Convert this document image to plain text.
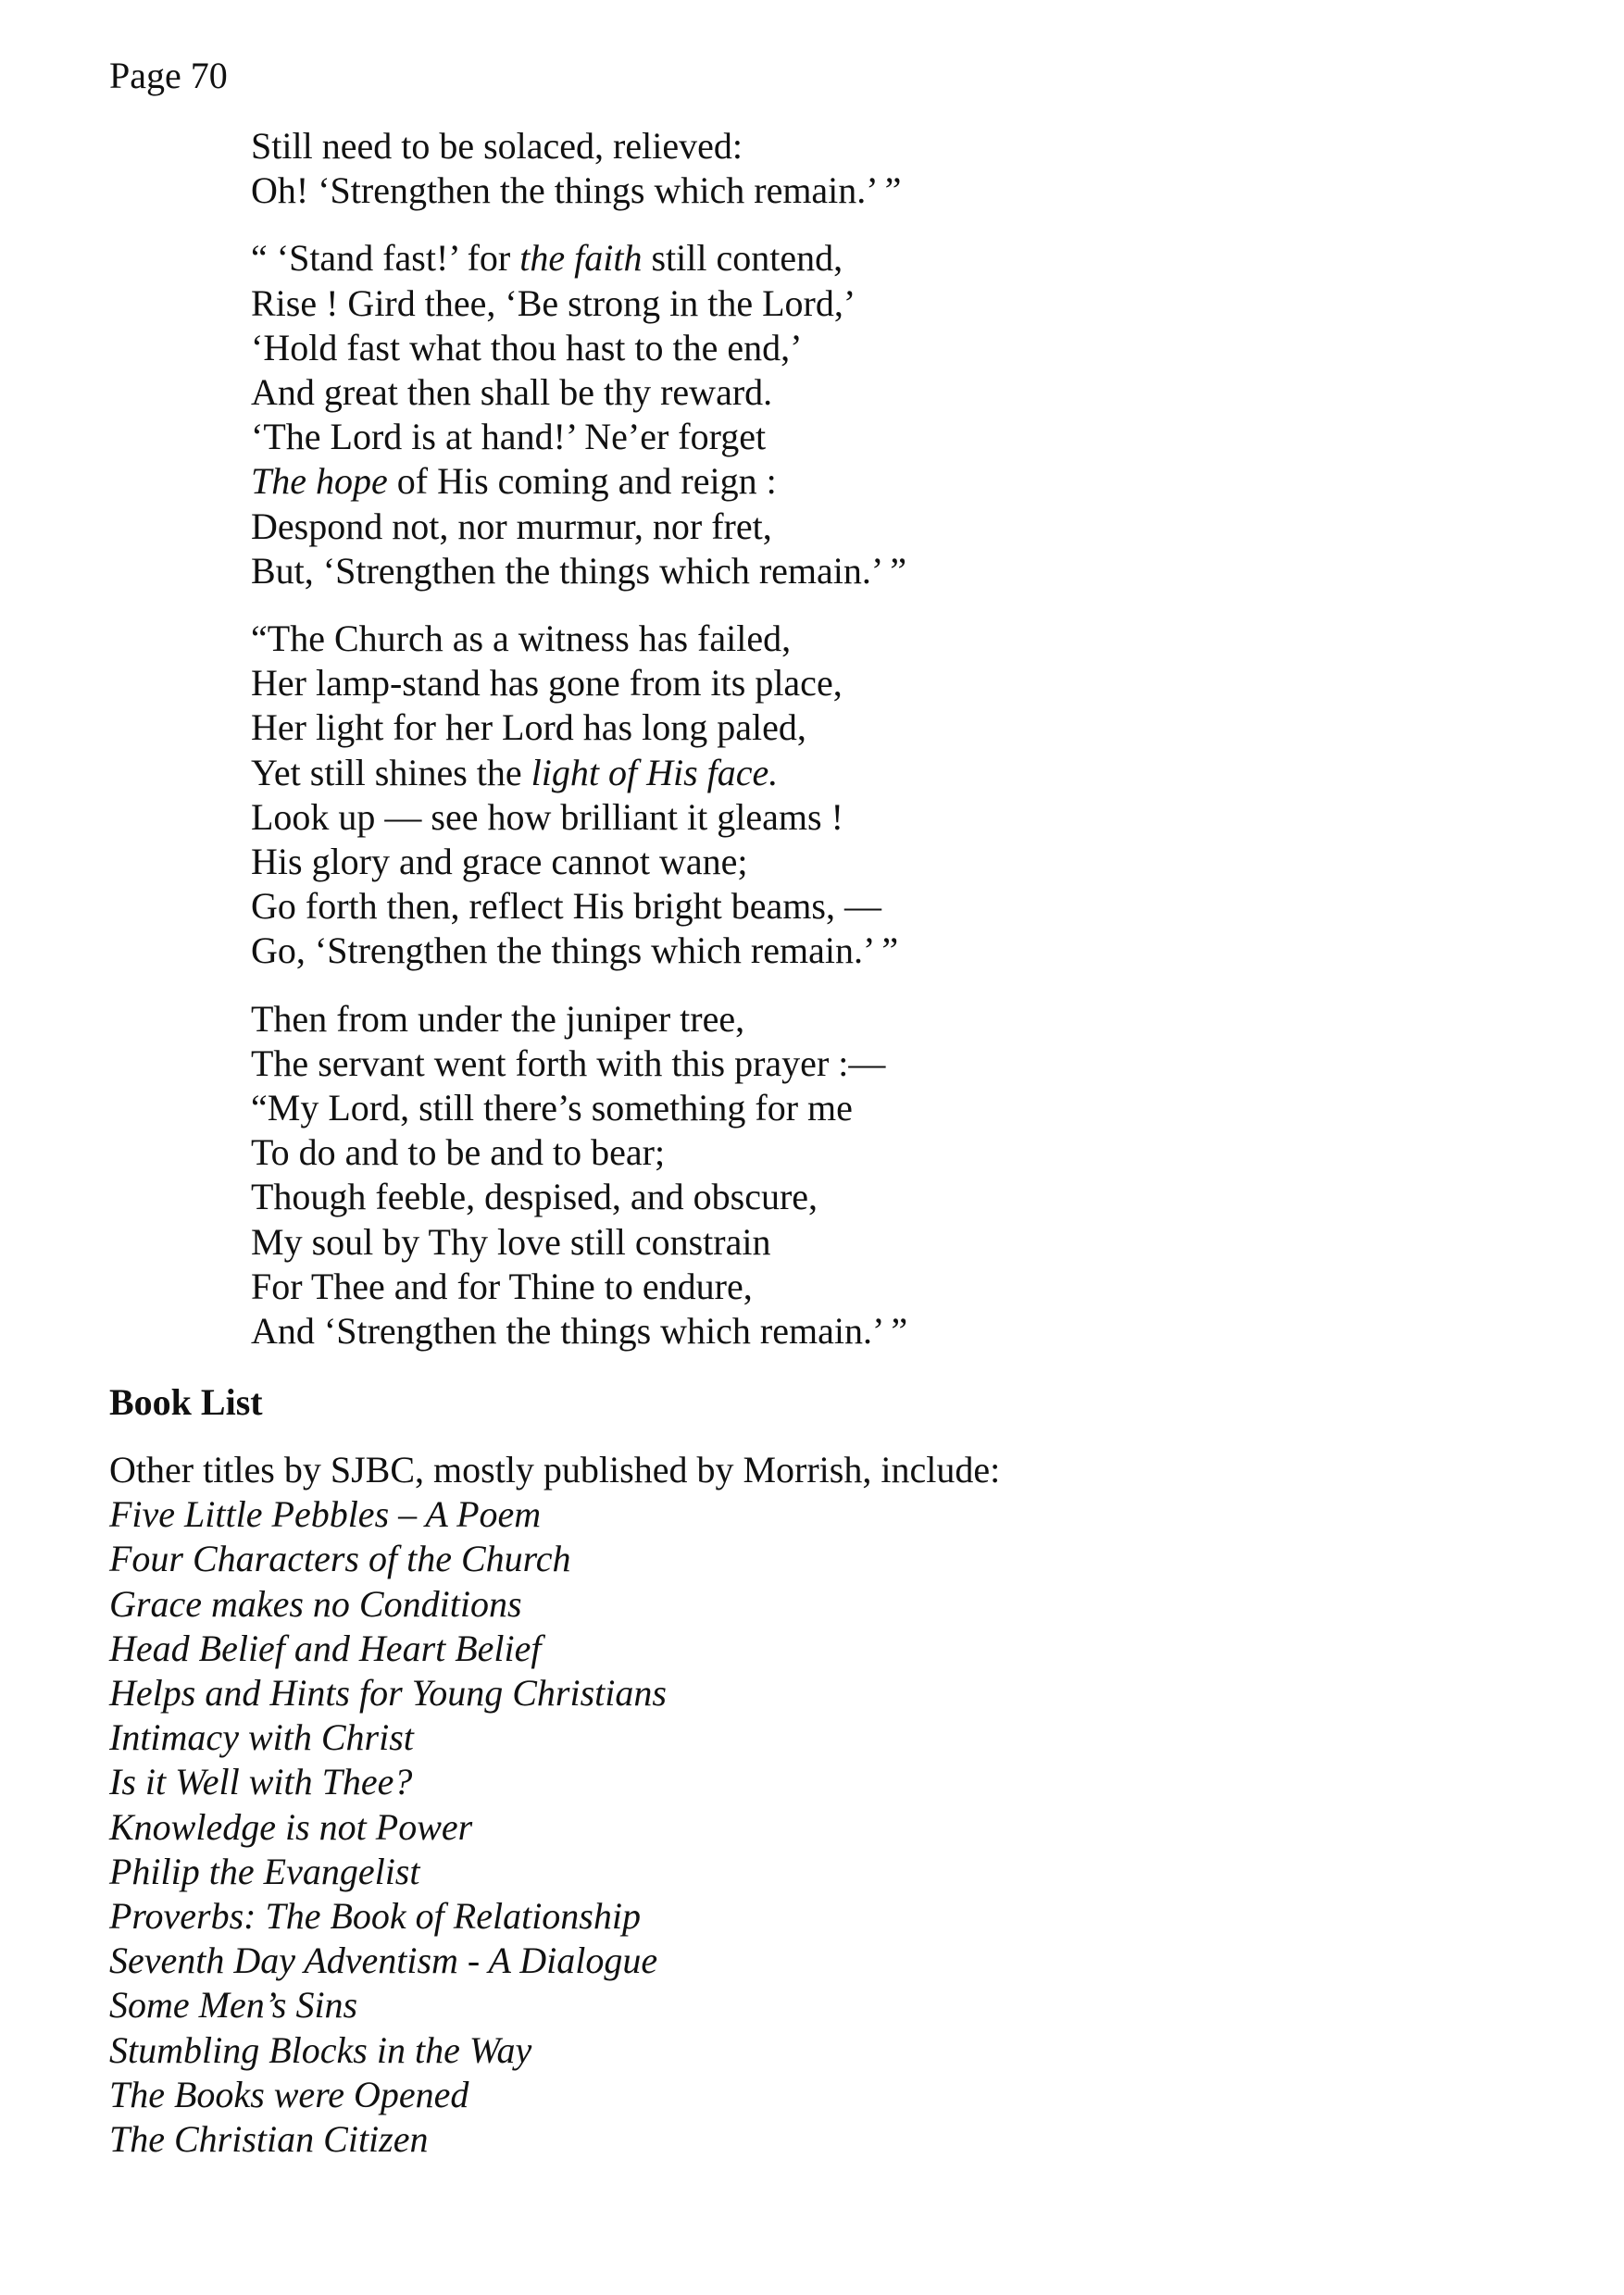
Page 70

Still need to be solaced, relieved:

Oh! ‘Strengthen the things which remain.’ ”

“ ‘Stand fast!’ for the faith still contend,

Rise ! Gird thee, ‘Be strong in the Lord,’

‘Hold fast what thou hast to the end,’

And great then shall be thy reward.

‘The Lord is at hand!’ Ne’er forget

The hope of His coming and reign :

Despond not, nor murmur, nor fret,

But, ‘Strengthen the things which remain.’ ”

“The Church as a witness has failed,

Her lamp-stand has gone from its place,

Her light for her Lord has long paled,

Yet still shines the light of His face.

Look up — see how brilliant it gleams !

His glory and grace cannot wane;

Go forth then, reflect His bright beams, —

Go, ‘Strengthen the things which remain.’ ”

Then from under the juniper tree,

The servant went forth with this prayer :—

“My Lord, still there’s something for me

To do and to be and to bear;

Though feeble, despised, and obscure,

My soul by Thy love still constrain

For Thee and for Thine to endure,

And ‘Strengthen the things which remain.’ ”

Book List

Other titles by SJBC, mostly published by Morrish, include:

Five Little Pebbles – A Poem
Four Characters of the Church
Grace makes no Conditions
Head Belief and Heart Belief
Helps and Hints for Young Christians
Intimacy with Christ
Is it Well with Thee?
Knowledge is not Power
Philip the Evangelist
Proverbs: The Book of Relationship
Seventh Day Adventism - A Dialogue
Some Men’s Sins
Stumbling Blocks in the Way
The Books were Opened
The Christian Citizen
